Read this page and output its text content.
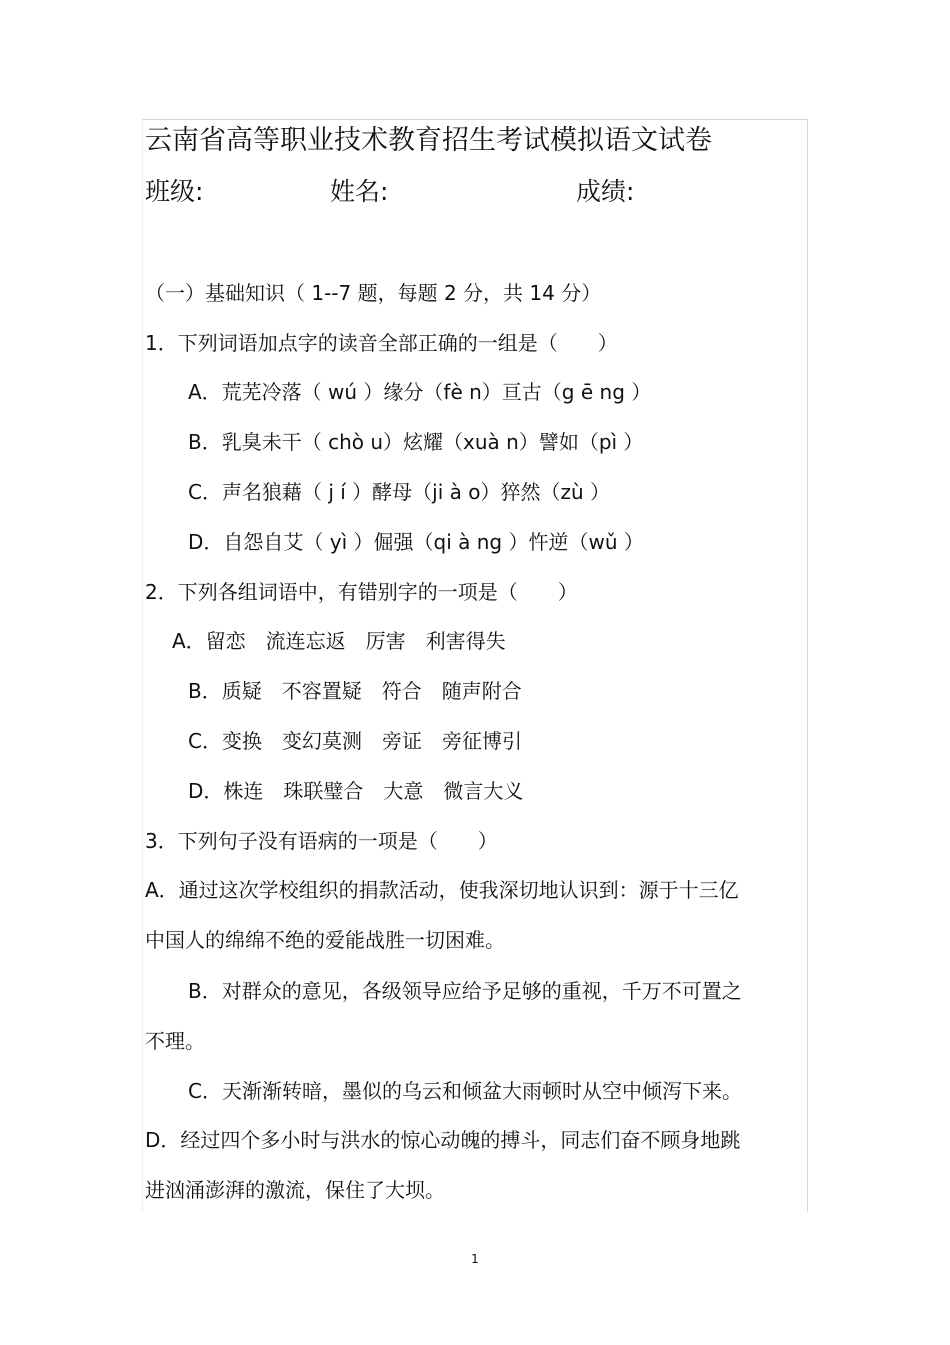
云南省高等职业技术教育招生考试模拟语文试卷
班级:	姓名:	成绩:
（一）基础知识（ 1--7 题，每题 2 分，共 14 分）
1．下列词语加点字的读音全部正确的一组是（　　）
A．荒芜冷落（ wú ）缘分（fè n）亘古（g ē ng ）
B．乳臭未干（ chò u）炫耀（xuà n）譬如（pì ）
C．声名狼藉（ j í ）酵母（ji à o）猝然（zù ）
D．自怨自艾（ yì ）倔强（qi à ng ）忤逆（wǔ ）
2．下列各组词语中，有错别字的一项是（　　）
A．留恋　流连忘返　厉害　利害得失
B．质疑　不容置疑　符合　随声附合
C．变换　变幻莫测　旁证　旁征博引
D．株连　珠联璧合　大意　微言大义
3．下列句子没有语病的一项是（　　）
A．通过这次学校组织的捐款活动，使我深切地认识到：源于十三亿
中国人的绵绵不绝的爱能战胜一切困难。
B．对群众的意见，各级领导应给予足够的重视，千万不可置之
不理。
C．天渐渐转暗，墨似的乌云和倾盆大雨顿时从空中倾泻下来。
D．经过四个多小时与洪水的惊心动魄的搏斗，同志们奋不顾身地跳
进汹涌澎湃的激流，保住了大坝。
1
